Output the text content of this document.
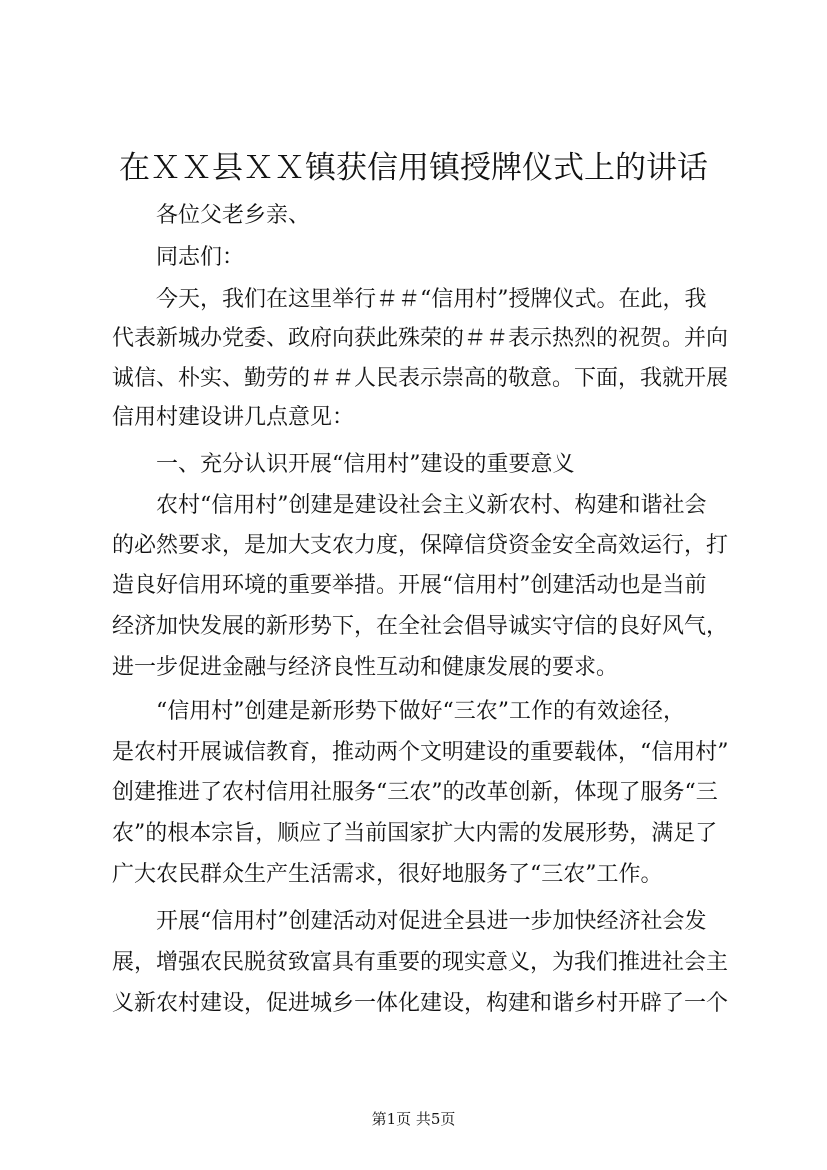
在ＸＸ县ＸＸ镇获信用镇授牌仪式上的讲话
各位父老乡亲、
同志们：
今天，我们在这里举行＃＃“信用村”授牌仪式。在此，我
代表新城办党委、政府向获此殊荣的＃＃表示热烈的祝贺。并向
诚信、朴实、勤劳的＃＃人民表示崇高的敬意。下面，我就开展
信用村建设讲几点意见：
一、充分认识开展“信用村”建设的重要意义
农村“信用村”创建是建设社会主义新农村、构建和谐社会
的必然要求，是加大支农力度，保障信贷资金安全高效运行，打
造良好信用环境的重要举措。开展“信用村”创建活动也是当前
经济加快发展的新形势下，在全社会倡导诚实守信的良好风气，
进一步促进金融与经济良性互动和健康发展的要求。
“信用村”创建是新形势下做好“三农”工作的有效途径，
是农村开展诚信教育，推动两个文明建设的重要载体，“信用村”
创建推进了农村信用社服务“三农”的改革创新，体现了服务“三
农”的根本宗旨，顺应了当前国家扩大内需的发展形势，满足了
广大农民群众生产生活需求，很好地服务了“三农”工作。
开展“信用村”创建活动对促进全县进一步加快经济社会发
展，增强农民脱贫致富具有重要的现实意义，为我们推进社会主
义新农村建设，促进城乡一体化建设，构建和谐乡村开辟了一个
第1页 共5页
